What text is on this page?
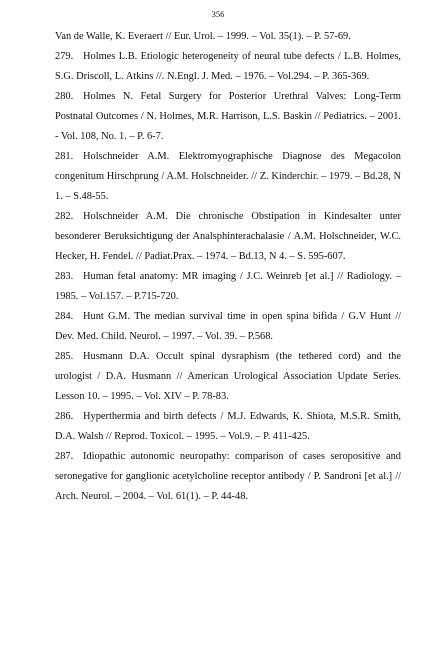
356

Van de Walle, K. Everaert // Eur. Urol. – 1999. – Vol. 35(1). – P. 57-69.

279. Holmes L.B. Etiologic heterogeneity of neural tube defects / L.B. Holmes, S.G. Driscoll, L. Atkins //. N.Engl. J. Med. – 1976. – Vol.294. – P. 365-369.

280. Holmes N. Fetal Surgery for Posterior Urethral Valves: Long-Term Postnatal Outcomes / N. Holmes, M.R. Harrison, L.S. Baskin // Pediatrics. – 2001. - Vol. 108, No. 1. – P. 6-7.

281. Holschneider A.M. Elektromyographische Diagnose des Megacolon congenitum Hirschprung / A.M. Holschneider. // Z. Kinderchir. – 1979. – Bd.28, N 1. – S.48-55.

282. Holschneider A.M. Die chronische Obstipation in Kindesalter unter besonderer Beruksichtigung der Analsphinterachalasie / A.M. Holschneider, W.C. Hecker, H. Fendel. // Padiat.Prax. – 1974. – Bd.13, N 4. – S. 595-607.

283. Human fetal anatomy: MR imaging / J.C. Weinreb [et al.] // Radiology. – 1985. – Vol.157. – P.715-720.

284. Hunt G.M. The median survival time in open spina bifida / G.V Hunt // Dev. Med. Child. Neurol. – 1997. – Vol. 39. – P.568.

285. Husmann D.A. Occult spinal dysraphism (the tethered cord) and the urologist / D.A. Husmann // American Urological Association Update Series. Lesson 10. – 1995. – Vol. XIV – P. 78-83.

286. Hyperthermia and birth defects / M.J. Edwards, K. Shiota, M.S.R. Smith, D.A. Walsh // Reprod. Toxicol. – 1995. – Vol.9. – P. 411-425.

287. Idiopathic autonomic neuropathy: comparison of cases seropositive and seronegative for ganglionic acetylcholine receptor antibody / P. Sandroni [et al.] // Arch. Neurol. – 2004. – Vol. 61(1). – P. 44-48.
